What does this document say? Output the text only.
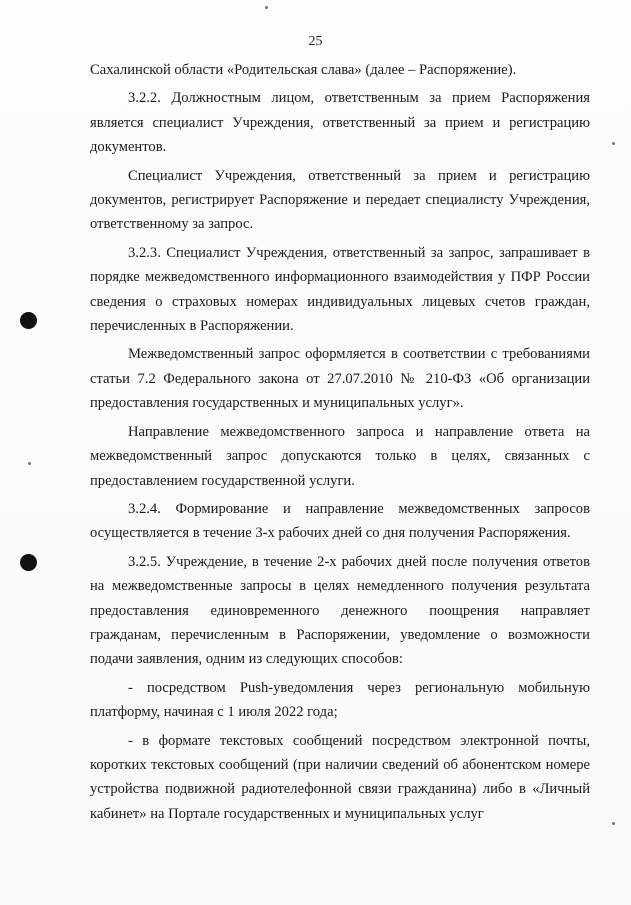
25

Сахалинской области «Родительская слава» (далее – Распоряжение).

3.2.2. Должностным лицом, ответственным за прием Распоряжения является специалист Учреждения, ответственный за прием и регистрацию документов.

Специалист Учреждения, ответственный за прием и регистрацию документов, регистрирует Распоряжение и передает специалисту Учреждения, ответственному за запрос.

3.2.3. Специалист Учреждения, ответственный за запрос, запрашивает в порядке межведомственного информационного взаимодействия у ПФР России сведения о страховых номерах индивидуальных лицевых счетов граждан, перечисленных в Распоряжении.

Межведомственный запрос оформляется в соответствии с требованиями статьи 7.2 Федерального закона от 27.07.2010 № 210-ФЗ «Об организации предоставления государственных и муниципальных услуг».

Направление межведомственного запроса и направление ответа на межведомственный запрос допускаются только в целях, связанных с предоставлением государственной услуги.

3.2.4. Формирование и направление межведомственных запросов осуществляется в течение 3-х рабочих дней со дня получения Распоряжения.

3.2.5. Учреждение, в течение 2-х рабочих дней после получения ответов на межведомственные запросы в целях немедленного получения результата предоставления единовременного денежного поощрения направляет гражданам, перечисленным в Распоряжении, уведомление о возможности подачи заявления, одним из следующих способов:

- посредством Push-уведомления через региональную мобильную платформу, начиная с 1 июля 2022 года;

- в формате текстовых сообщений посредством электронной почты, коротких текстовых сообщений (при наличии сведений об абонентском номере устройства подвижной радиотелефонной связи гражданина) либо в «Личный кабинет» на Портале государственных и муниципальных услуг
